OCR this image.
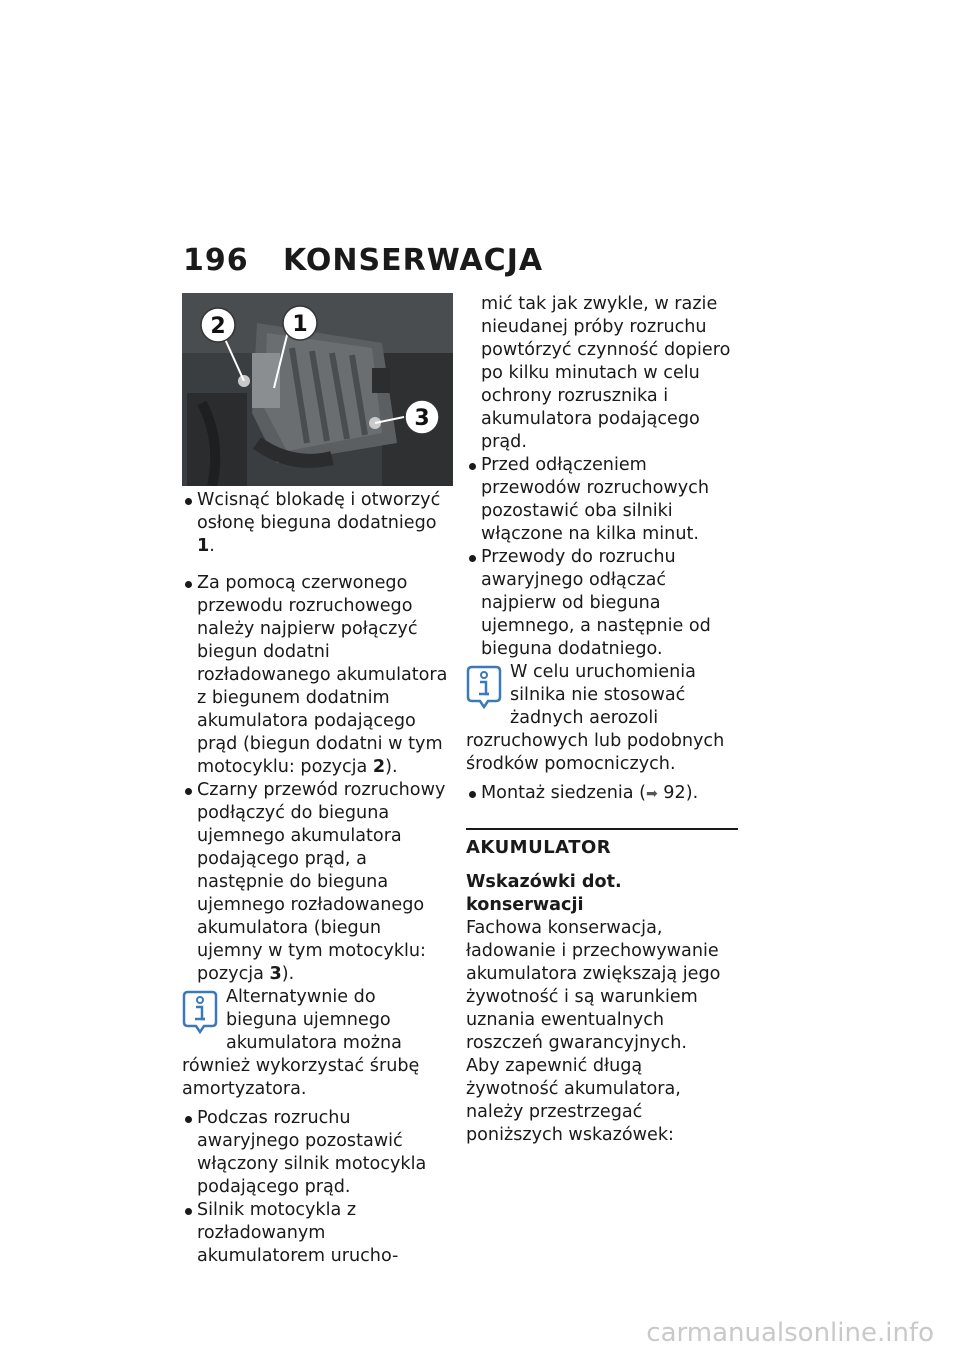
196	KONSERWACJA
2	1
3

Wcisnąć blokadę i otworzyć osłonę bieguna dodatniego 1.

Za pomocą czerwonego przewodu rozruchowego należy najpierw połączyć biegun dodatni rozładowanego akumulatora z biegunem dodatnim akumulatora podającego prąd (biegun dodatni w tym motocyklu: pozycja 2).

Czarny przewód rozruchowy podłączyć do bieguna ujemnego akumulatora podającego prąd, a następnie do bieguna ujemnego rozładowanego akumulatora (biegun ujemny w tym motocyklu: pozycja 3).

Alternatywnie do bieguna ujemnego akumulatora można również wykorzystać śrubę amortyzatora.

Podczas rozruchu awaryjnego pozostawić włączony silnik motocykla podającego prąd.

Silnik motocykla z rozładowanym akumulatorem urucho-

mić tak jak zwykle, w razie nieudanej próby rozruchu powtórzyć czynność dopiero po kilku minutach w celu ochrony rozrusznika i akumulatora podającego prąd.

Przed odłączeniem przewodów rozruchowych pozostawić oba silniki włączone na kilka minut.

Przewody do rozruchu awaryjnego odłączać najpierw od bieguna ujemnego, a następnie od bieguna dodatniego.

W celu uruchomienia silnika nie stosować żadnych aerozoli rozruchowych lub podobnych środków pomocniczych.

Montaż siedzenia (➡ 92).

AKUMULATOR

Wskazówki dot. konserwacji

Fachowa konserwacja, ładowanie i przechowywanie akumulatora zwiększają jego żywotność i są warunkiem uznania ewentualnych roszczeń gwarancyjnych.

Aby zapewnić długą żywotność akumulatora, należy przestrzegać poniższych wskazówek:

carmanualsonline.info
